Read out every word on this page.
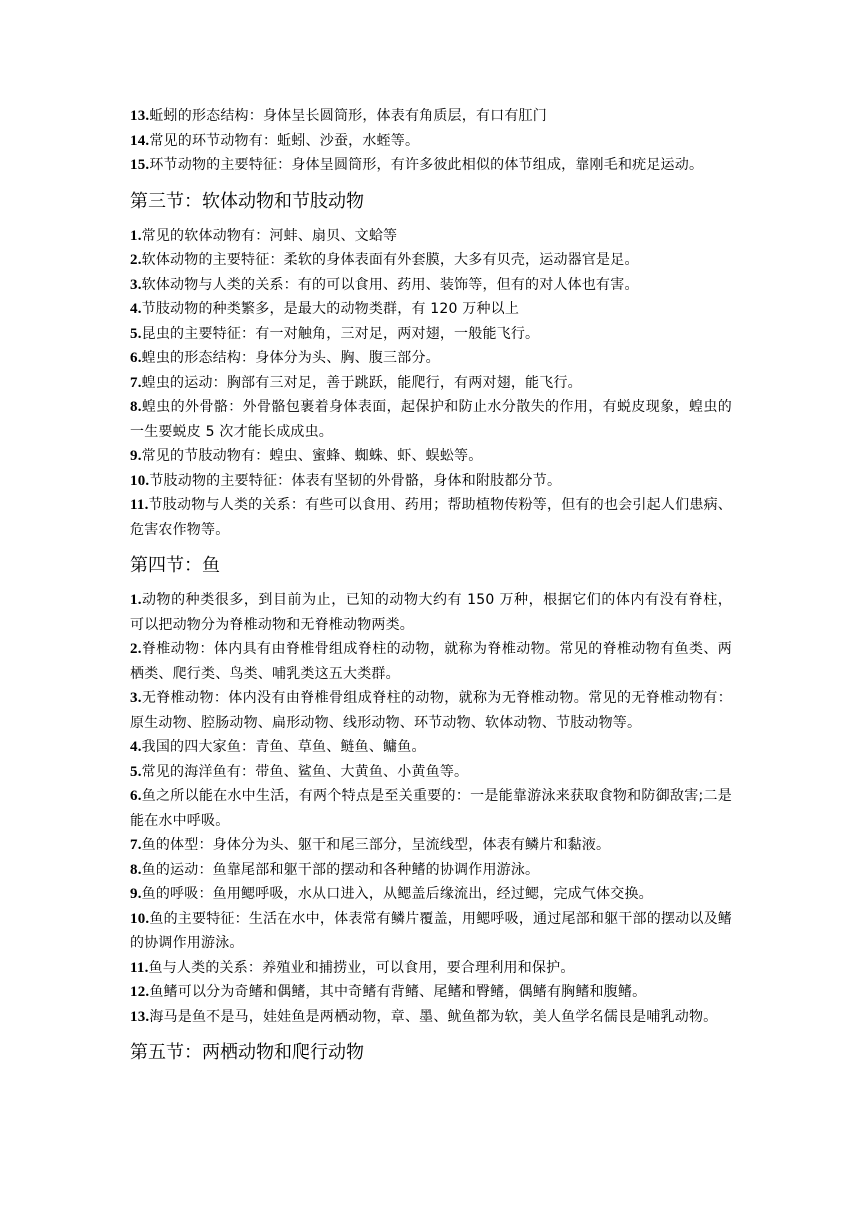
13.蚯蚓的形态结构：身体呈长圆筒形，体表有角质层，有口有肛门

14.常见的环节动物有：蚯蚓、沙蚕，水蛭等。

15.环节动物的主要特征：身体呈圆筒形，有许多彼此相似的体节组成，靠刚毛和疣足运动。

第三节：软体动物和节肢动物

1.常见的软体动物有：河蚌、扇贝、文蛤等

2.软体动物的主要特征：柔软的身体表面有外套膜，大多有贝壳，运动器官是足。

3.软体动物与人类的关系：有的可以食用、药用、装饰等，但有的对人体也有害。

4.节肢动物的种类繁多，是最大的动物类群，有 120 万种以上

5.昆虫的主要特征：有一对触角，三对足，两对翅，一般能飞行。

6.蝗虫的形态结构：身体分为头、胸、腹三部分。

7.蝗虫的运动：胸部有三对足，善于跳跃，能爬行，有两对翅，能飞行。

8.蝗虫的外骨骼：外骨骼包裹着身体表面，起保护和防止水分散失的作用，有蜕皮现象，蝗虫的一生要蜕皮 5 次才能长成成虫。

9.常见的节肢动物有：蝗虫、蜜蜂、蜘蛛、虾、蜈蚣等。

10.节肢动物的主要特征：体表有坚韧的外骨骼，身体和附肢都分节。

11.节肢动物与人类的关系：有些可以食用、药用；帮助植物传粉等，但有的也会引起人们患病、危害农作物等。

第四节：鱼

1.动物的种类很多，到目前为止，已知的动物大约有 150 万种，根据它们的体内有没有脊柱，可以把动物分为脊椎动物和无脊椎动物两类。

2.脊椎动物：体内具有由脊椎骨组成脊柱的动物，就称为脊椎动物。常见的脊椎动物有鱼类、两栖类、爬行类、鸟类、哺乳类这五大类群。

3.无脊椎动物：体内没有由脊椎骨组成脊柱的动物，就称为无脊椎动物。常见的无脊椎动物有：原生动物、腔肠动物、扁形动物、线形动物、环节动物、软体动物、节肢动物等。

4.我国的四大家鱼：青鱼、草鱼、鲢鱼、鳙鱼。

5.常见的海洋鱼有：带鱼、鲨鱼、大黄鱼、小黄鱼等。

6.鱼之所以能在水中生活，有两个特点是至关重要的：一是能靠游泳来获取食物和防御敌害;二是能在水中呼吸。

7.鱼的体型：身体分为头、躯干和尾三部分，呈流线型，体表有鳞片和黏液。

8.鱼的运动：鱼靠尾部和躯干部的摆动和各种鳍的协调作用游泳。

9.鱼的呼吸：鱼用鳃呼吸，水从口进入，从鳃盖后缘流出，经过鳃，完成气体交换。

10.鱼的主要特征：生活在水中，体表常有鳞片覆盖，用鳃呼吸，通过尾部和躯干部的摆动以及鳍的协调作用游泳。

11.鱼与人类的关系：养殖业和捕捞业，可以食用，要合理利用和保护。

12.鱼鳍可以分为奇鳍和偶鳍，其中奇鳍有背鳍、尾鳍和臀鳍，偶鳍有胸鳍和腹鳍。

13.海马是鱼不是马，娃娃鱼是两栖动物，章、墨、鱿鱼都为软，美人鱼学名儒艮是哺乳动物。

第五节：两栖动物和爬行动物
